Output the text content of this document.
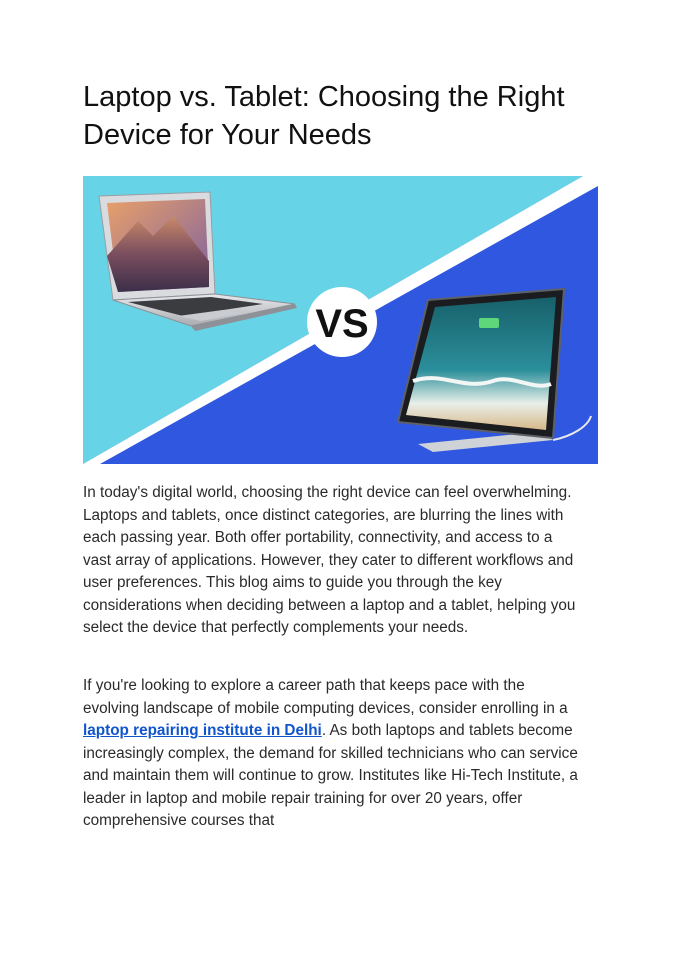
Laptop vs. Tablet: Choosing the Right Device for Your Needs
VS

In today's digital world, choosing the right device can feel overwhelming. Laptops and tablets, once distinct categories, are blurring the lines with each passing year. Both offer portability, connectivity, and access to a vast array of applications. However, they cater to different workflows and user preferences. This blog aims to guide you through the key considerations when deciding between a laptop and a tablet, helping you select the device that perfectly complements your needs.

If you're looking to explore a career path that keeps pace with the evolving landscape of mobile computing devices, consider enrolling in a laptop repairing institute in Delhi. As both laptops and tablets become increasingly complex, the demand for skilled technicians who can service and maintain them will continue to grow. Institutes like Hi-Tech Institute, a leader in laptop and mobile repair training for over 20 years, offer comprehensive courses that
